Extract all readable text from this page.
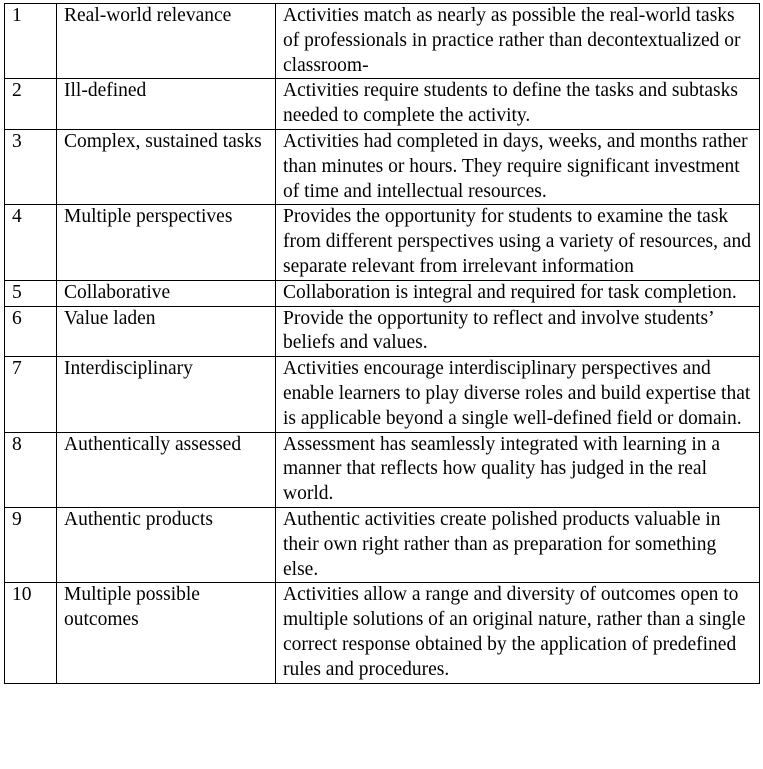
1	Real-world relevance	Activities match as nearly as possible the real-world tasks of professionals in practice rather than decontextualized or classroom-
2	Ill-defined	Activities require students to define the tasks and subtasks needed to complete the activity.
3	Complex, sustained tasks	Activities had completed in days, weeks, and months rather than minutes or hours. They require significant investment of time and intellectual resources.
4	Multiple perspectives	Provides the opportunity for students to examine the task from different perspectives using a variety of resources, and separate relevant from irrelevant information
5	Collaborative	Collaboration is integral and required for task completion.
6	Value laden	Provide the opportunity to reflect and involve students’ beliefs and values.
7	Interdisciplinary	Activities encourage interdisciplinary perspectives and enable learners to play diverse roles and build expertise that is applicable beyond a single well-defined field or domain.
8	Authentically assessed	Assessment has seamlessly integrated with learning in a manner that reflects how quality has judged in the real world.
9	Authentic products	Authentic activities create polished products valuable in their own right rather than as preparation for something else.
10	Multiple possible outcomes	Activities allow a range and diversity of outcomes open to multiple solutions of an original nature, rather than a single correct response obtained by the application of predefined rules and procedures.
